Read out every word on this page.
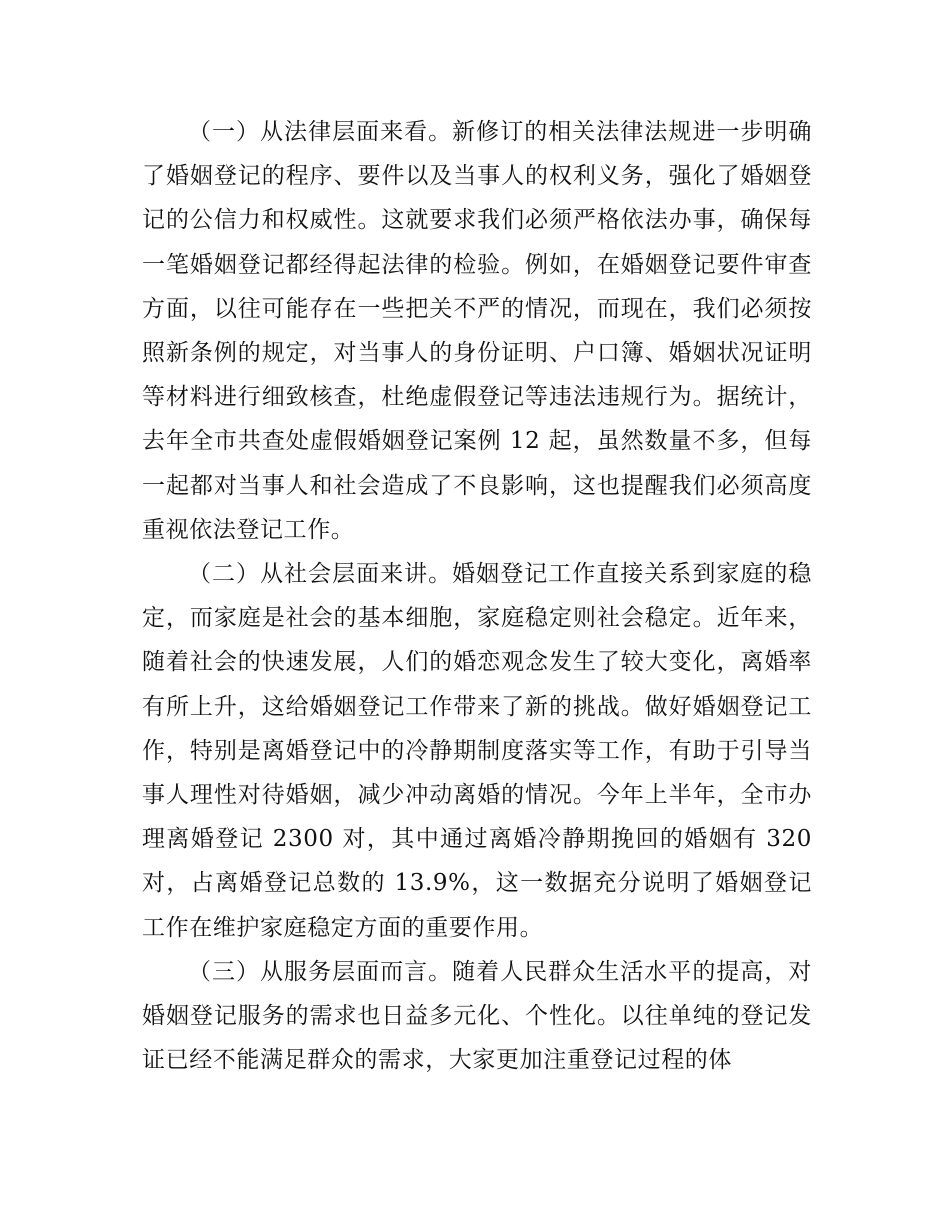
（一）从法律层面来看。新修订的相关法律法规进一步明确了婚姻登记的程序、要件以及当事人的权利义务，强化了婚姻登记的公信力和权威性。这就要求我们必须严格依法办事，确保每一笔婚姻登记都经得起法律的检验。例如，在婚姻登记要件审查方面，以往可能存在一些把关不严的情况，而现在，我们必须按照新条例的规定，对当事人的身份证明、户口簿、婚姻状况证明等材料进行细致核查，杜绝虚假登记等违法违规行为。据统计，去年全市共查处虚假婚姻登记案例 12 起，虽然数量不多，但每一起都对当事人和社会造成了不良影响，这也提醒我们必须高度重视依法登记工作。

（二）从社会层面来讲。婚姻登记工作直接关系到家庭的稳定，而家庭是社会的基本细胞，家庭稳定则社会稳定。近年来，随着社会的快速发展，人们的婚恋观念发生了较大变化，离婚率有所上升，这给婚姻登记工作带来了新的挑战。做好婚姻登记工作，特别是离婚登记中的冷静期制度落实等工作，有助于引导当事人理性对待婚姻，减少冲动离婚的情况。今年上半年，全市办理离婚登记 2300 对，其中通过离婚冷静期挽回的婚姻有 320 对，占离婚登记总数的 13.9%，这一数据充分说明了婚姻登记工作在维护家庭稳定方面的重要作用。

（三）从服务层面而言。随着人民群众生活水平的提高，对婚姻登记服务的需求也日益多元化、个性化。以往单纯的登记发证已经不能满足群众的需求，大家更加注重登记过程的体
